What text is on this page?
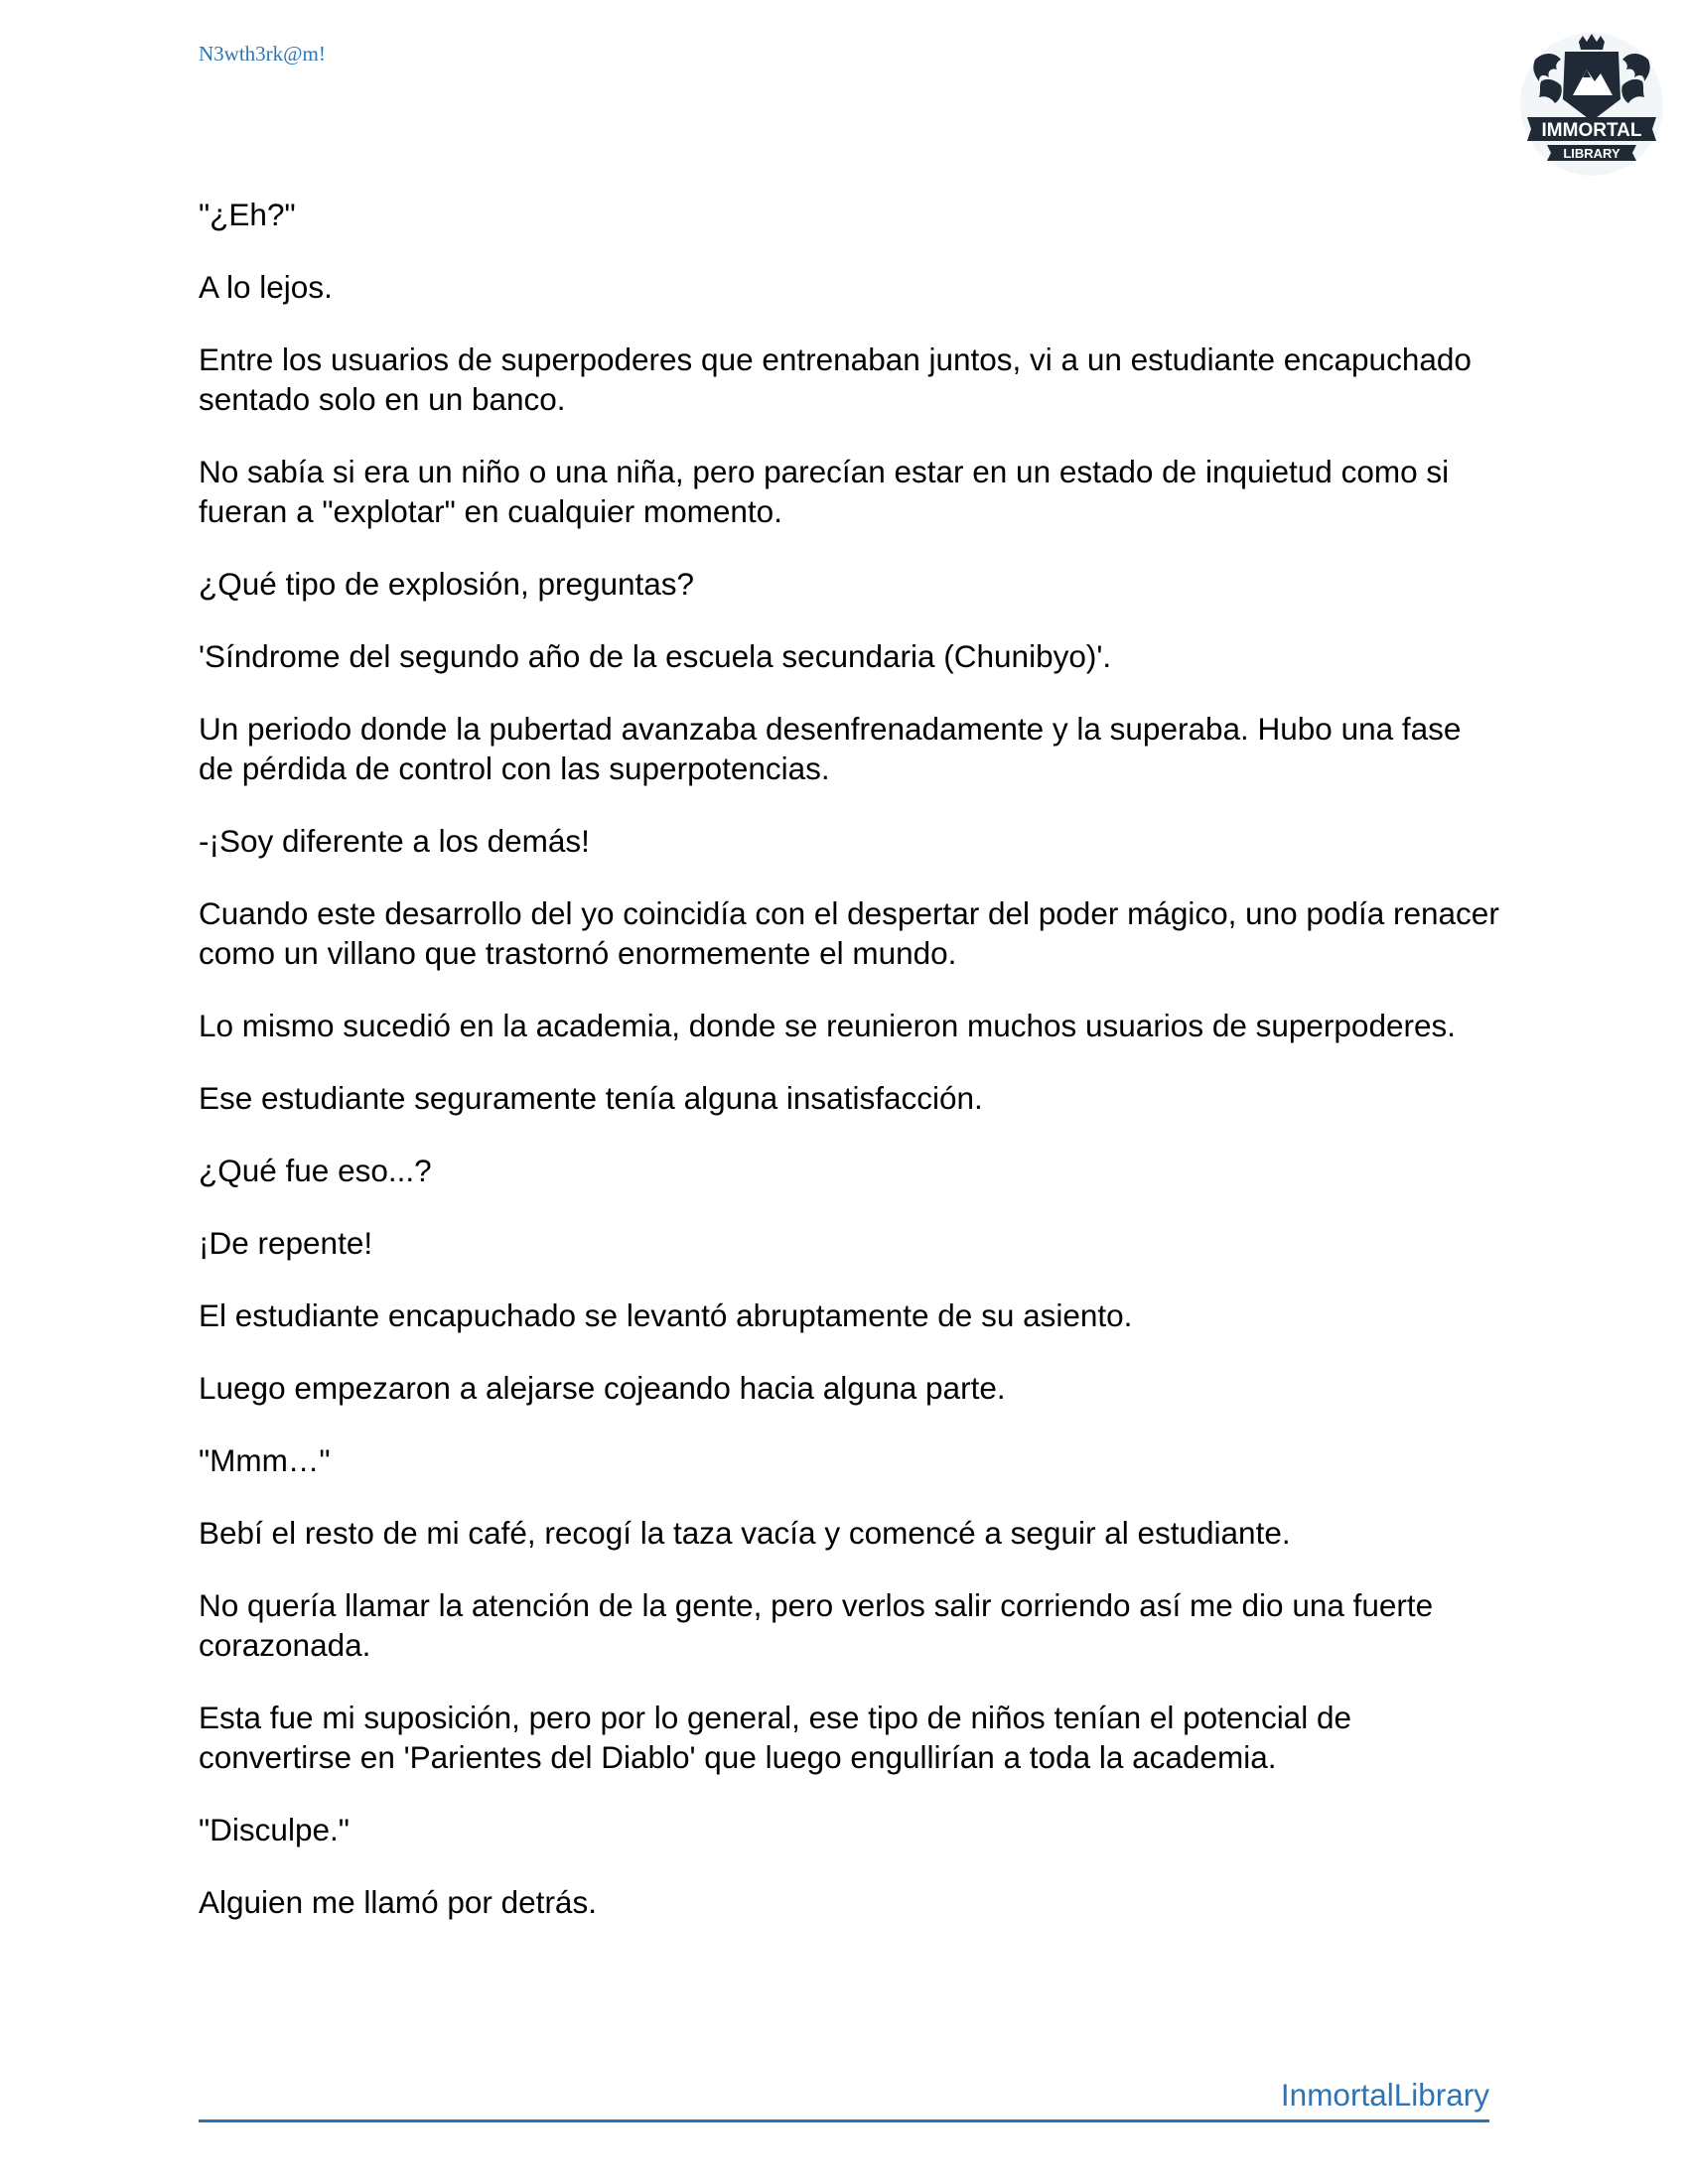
N3wth3rk@m!
IMMORTAL
LIBRARY

"¿Eh?"

A lo lejos.

Entre los usuarios de superpoderes que entrenaban juntos, vi a un estudiante encapuchado sentado solo en un banco.

No sabía si era un niño o una niña, pero parecían estar en un estado de inquietud como si fueran a "explotar" en cualquier momento.

¿Qué tipo de explosión, preguntas?

'Síndrome del segundo año de la escuela secundaria (Chunibyo)'.

Un periodo donde la pubertad avanzaba desenfrenadamente y la superaba. Hubo una fase de pérdida de control con las superpotencias.

-¡Soy diferente a los demás!

Cuando este desarrollo del yo coincidía con el despertar del poder mágico, uno podía renacer como un villano que trastornó enormemente el mundo.

Lo mismo sucedió en la academia, donde se reunieron muchos usuarios de superpoderes.

Ese estudiante seguramente tenía alguna insatisfacción.

¿Qué fue eso...?

¡De repente!

El estudiante encapuchado se levantó abruptamente de su asiento.

Luego empezaron a alejarse cojeando hacia alguna parte.

"Mmm…"

Bebí el resto de mi café, recogí la taza vacía y comencé a seguir al estudiante.

No quería llamar la atención de la gente, pero verlos salir corriendo así me dio una fuerte corazonada.

Esta fue mi suposición, pero por lo general, ese tipo de niños tenían el potencial de convertirse en 'Parientes del Diablo' que luego engullirían a toda la academia.

"Disculpe."

Alguien me llamó por detrás.

InmortalLibrary
